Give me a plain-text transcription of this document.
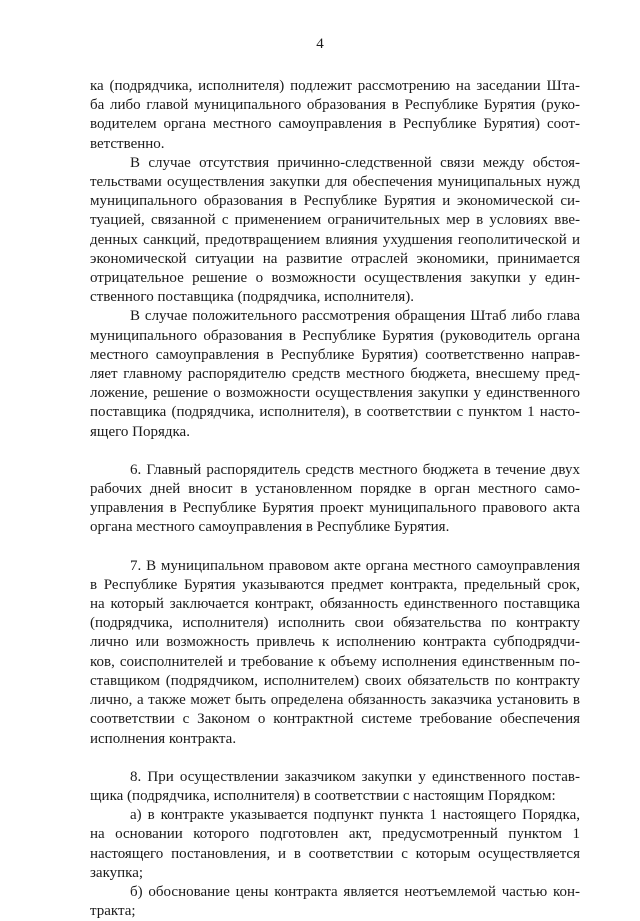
4
ка (подрядчика, исполнителя) подлежит рассмотрению на заседании Шта-
ба либо главой муниципального образования в Республике Бурятия (руко-
водителем органа местного самоуправления в Республике Бурятия) соот-
ветственно.
В случае отсутствия причинно-следственной связи между обстоя-
тельствами осуществления закупки для обеспечения муниципальных нужд
муниципального образования в Республике Бурятия и экономической си-
туацией, связанной с применением ограничительных мер в условиях вве-
денных санкций, предотвращением влияния ухудшения геополитической и
экономической ситуации на развитие отраслей экономики, принимается
отрицательное решение о возможности осуществления закупки у един-
ственного поставщика (подрядчика, исполнителя).
В случае положительного рассмотрения обращения Штаб либо глава
муниципального образования в Республике Бурятия (руководитель органа
местного самоуправления в Республике Бурятия) соответственно направ-
ляет главному распорядителю средств местного бюджета, внесшему пред-
ложение, решение о возможности осуществления закупки у единственного
поставщика (подрядчика, исполнителя), в соответствии с пунктом 1 насто-
ящего Порядка.
6. Главный распорядитель средств местного бюджета в течение двух
рабочих дней вносит в установленном порядке в орган местного само-
управления в Республике Бурятия проект муниципального правового акта
органа местного самоуправления в Республике Бурятия.
7. В муниципальном правовом акте органа местного самоуправления
в Республике Бурятия указываются предмет контракта, предельный срок,
на который заключается контракт, обязанность единственного поставщика
(подрядчика, исполнителя) исполнить свои обязательства по контракту
лично или возможность привлечь к исполнению контракта субподрядчи-
ков, соисполнителей и требование к объему исполнения единственным по-
ставщиком (подрядчиком, исполнителем) своих обязательств по контракту
лично, а также может быть определена обязанность заказчика установить в
соответствии с Законом о контрактной системе требование обеспечения
исполнения контракта.
8. При осуществлении заказчиком закупки у единственного постав-
щика (подрядчика, исполнителя) в соответствии с настоящим Порядком:
а) в контракте указывается подпункт пункта 1 настоящего Порядка,
на основании которого подготовлен акт, предусмотренный пунктом 1
настоящего постановления, и в соответствии с которым осуществляется
закупка;
б) обоснование цены контракта является неотъемлемой частью кон-
тракта;
